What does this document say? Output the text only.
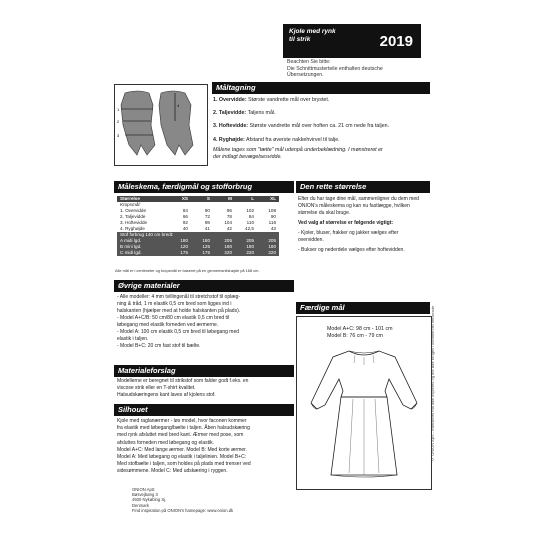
Kjole med rynk
til strik	2019
Beachten Sie bitte:
Die Schnittmusterteile enthalten deutsche
Übersetzungen.
1
2
3
4
Måltagning
1. Overvidde: Største vandrette mål over brystet.
2. Taljevidde: Taljens mål.
3. Hoftevidde: Største vandrette mål over hoften ca. 21 cm nede fra taljen.
4. Ryghøjde: Afstand fra øverste nakkehvirvel til talje.
Målene tages som "tætte" mål udenpå underbeklædning. I mønstreret er
der indlagt bevægelsesvidde.
Måleskema, færdigmål og stofforbrug
Størrelse	XS	S	M	L	XL
Kropsmål:					
1. Overvidde	84	90	96	102	108
2. Taljevidde	66	72	78	84	90
3. Hoftevidde	92	98	104	110	116
4. Ryghøjde	40	41	42	42,5	43
Stof forbrug 140 cm bredt:					
A midi lgd.	180	180	205	205	205
B mini lgd.	120	125	180	180	180
C midi lgd.	175	175	220	220	220
Alle mål er i centimeter og kropsmål er baseret på en gennemsnitshøjde på 168 cm.
Øvrige materialer
- Alle modeller: 4 mm tvillingenål til stretchstof til oplæg-
ning & tråd, 1 m elastik 0,5 cm bred som ligges ind i
halskanten (hjælper med at holde halskanten på plads).
- Model A+C/B: 50 cm/80 cm elastik 0,5 cm bred til
løbegang med elastik forneden ved ærmerne.
- Model A: 100 cm elastik 0,5 cm bred til løbegang med
elastik i taljen.
- Model B+C: 20 cm fast stof til bælte.
Materialeforslag
Modellerne er beregnet til strikstof som falder godt f.eks. en
viscose strik eller en T-shirt kvalitet.
Halsudskæringens kant laves af kjolens stof.
Silhouet
Kjole med raglanærmer - løs model, hvor faconen kommer
fra elastik med løbegang/bælte i taljen. Åben halsudskæring
med rynk afsluttet med bred kant. Ærmer med pose, som
afsluttes forneden med løbegang og elastik.
Model A+C: Med lange ærmer. Model B: Med korte ærmer.
Model A: Med løbegang og elastik i taljelinien. Model B+C:
Med stofbælte i taljen, som holdes på plads med trenser ved
sidesømmene. Model C: Med udskæring i ryggen.
ONION ApS
Bøsvejbøng 3
4500 Nykøbing Sj.
Denmark
Find inspiration på ONION's hamepage: www.onion.dk
Den rette størrelse
Efter du har tage dine mål, sammenligner du dem med ONION's måleskema og kan nu fastlægge, hvilken størrelse du skal bruge.
Ved valg af størrelse er følgende vigtigt:
- Kjoler, bluser, frakker og jakker vælges efter overvidden.
- Bukser og nederdele vælges efter hoftevidden.
Færdige mål
Model A+C: 98 cm - 101 cm
Model B: 76 cm - 79 cm	© ONION ApS - mønsteret må ikke kopieres og må ikke bruges i kommerciel hensende
